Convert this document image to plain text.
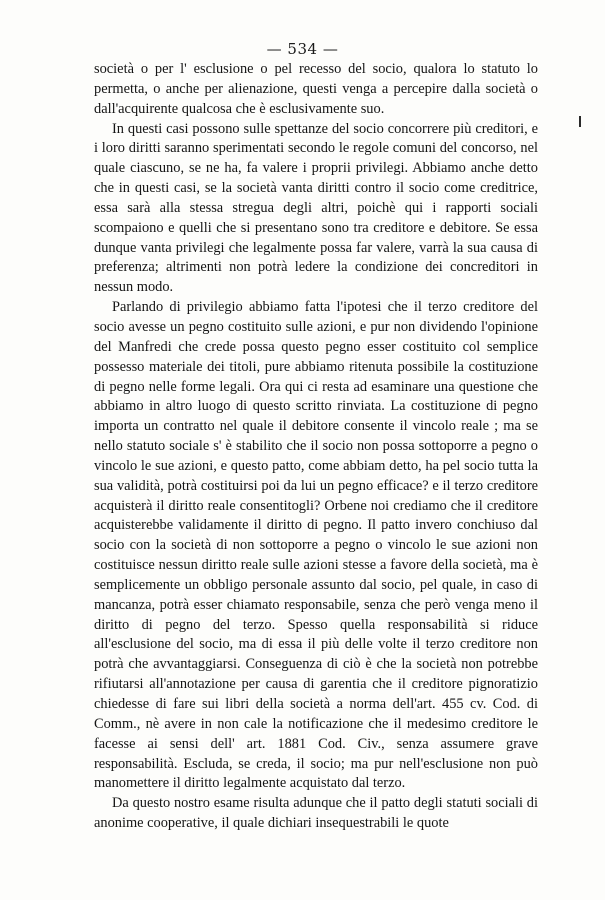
— 534 —

società o per l' esclusione o pel recesso del socio, qualora lo statuto lo permetta, o anche per alienazione, questi venga a percepire dalla società o dall'acquirente qualcosa che è esclusivamente suo.

In questi casi possono sulle spettanze del socio concorrere più creditori, e i loro diritti saranno sperimentati secondo le regole comuni del concorso, nel quale ciascuno, se ne ha, fa valere i proprii privilegi. Abbiamo anche detto che in questi casi, se la società vanta diritti contro il socio come creditrice, essa sarà alla stessa stregua degli altri, poichè qui i rapporti sociali scompaiono e quelli che si presentano sono tra creditore e debitore. Se essa dunque vanta privilegi che legalmente possa far valere, varrà la sua causa di preferenza; altrimenti non potrà ledere la condizione dei concreditori in nessun modo.

Parlando di privilegio abbiamo fatta l'ipotesi che il terzo creditore del socio avesse un pegno costituito sulle azioni, e pur non dividendo l'opinione del Manfredi che crede possa questo pegno esser costituito col semplice possesso materiale dei titoli, pure abbiamo ritenuta possibile la costituzione di pegno nelle forme legali. Ora qui ci resta ad esaminare una questione che abbiamo in altro luogo di questo scritto rinviata. La costituzione di pegno importa un contratto nel quale il debitore consente il vincolo reale ; ma se nello statuto sociale s' è stabilito che il socio non possa sottoporre a pegno o vincolo le sue azioni, e questo patto, come abbiam detto, ha pel socio tutta la sua validità, potrà costituirsi poi da lui un pegno efficace? e il terzo creditore acquisterà il diritto reale consentitogli? Orbene noi crediamo che il creditore acquisterebbe validamente il diritto di pegno. Il patto invero conchiuso dal socio con la società di non sottoporre a pegno o vincolo le sue azioni non costituisce nessun diritto reale sulle azioni stesse a favore della società, ma è semplicemente un obbligo personale assunto dal socio, pel quale, in caso di mancanza, potrà esser chiamato responsabile, senza che però venga meno il diritto di pegno del terzo. Spesso quella responsabilità si riduce all'esclusione del socio, ma di essa il più delle volte il terzo creditore non potrà che avvantaggiarsi. Conseguenza di ciò è che la società non potrebbe rifiutarsi all'annotazione per causa di garentia che il creditore pignoratizio chiedesse di fare sui libri della società a norma dell'art. 455 cv. Cod. di Comm., nè avere in non cale la notificazione che il medesimo creditore le facesse ai sensi dell' art. 1881 Cod. Civ., senza assumere grave responsabilità. Escluda, se creda, il socio; ma pur nell'esclusione non può manomettere il diritto legalmente acquistato dal terzo.

Da questo nostro esame risulta adunque che il patto degli statuti sociali di anonime cooperative, il quale dichiari insequestrabili le quote
